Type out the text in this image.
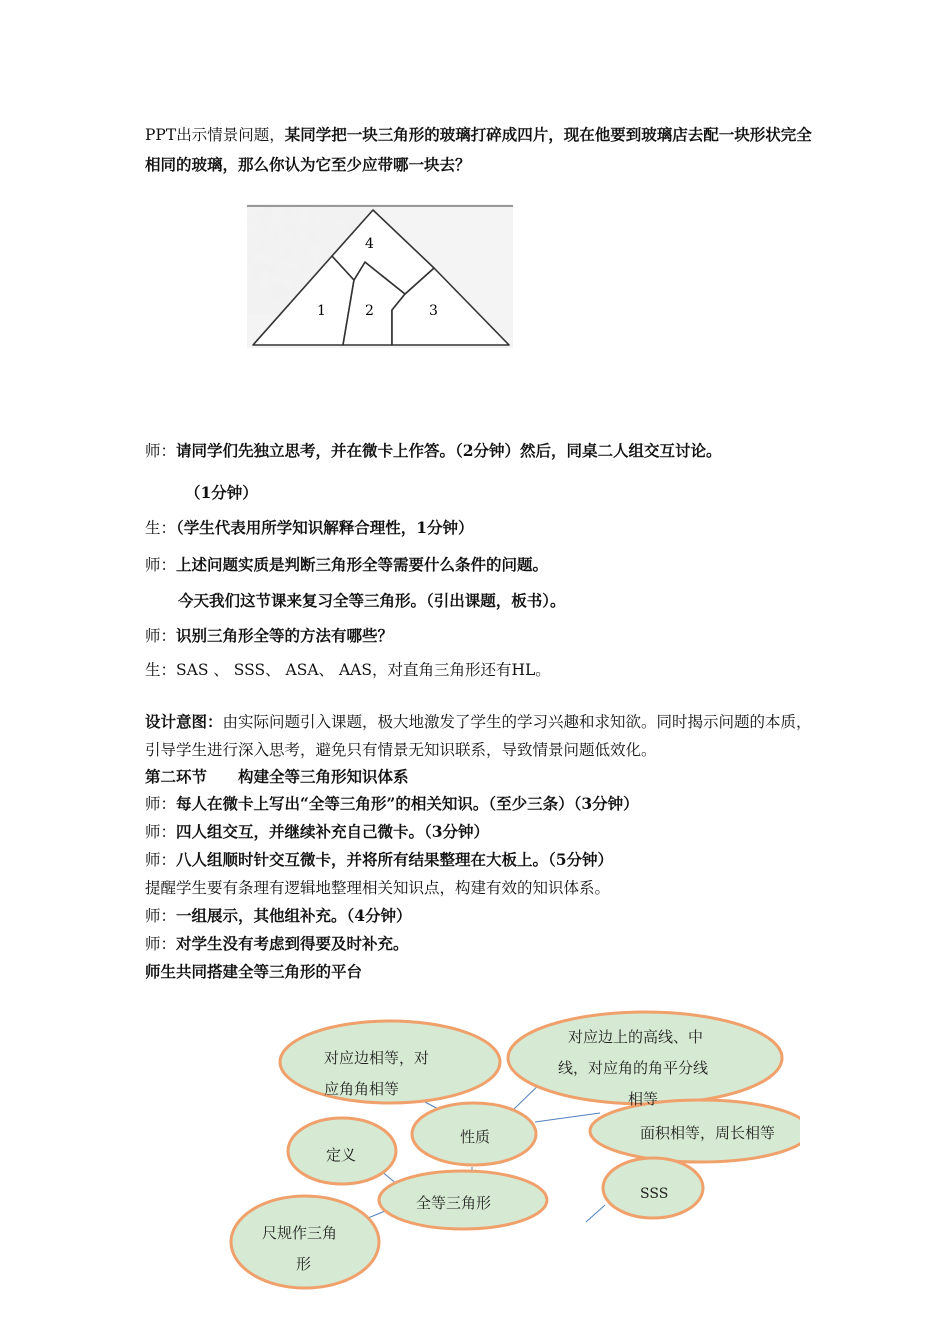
PPT出示情景问题，某同学把一块三角形的玻璃打碎成四片，现在他要到玻璃店去配一块形状完全相同的玻璃，那么你认为它至少应带哪一块去？
4
1	2	3
师：请同学们先独立思考，并在微卡上作答。（2分钟）然后，同桌二人组交互讨论。
（1分钟）
生：（学生代表用所学知识解释合理性，1分钟）
师：上述问题实质是判断三角形全等需要什么条件的问题。
今天我们这节课来复习全等三角形。（引出课题，板书）。
师：识别三角形全等的方法有哪些？
生：SAS 、 SSS、 ASA、 AAS，对直角三角形还有HL。
设计意图：由实际问题引入课题，极大地激发了学生的学习兴趣和求知欲。同时揭示问题的本质，引导学生进行深入思考，避免只有情景无知识联系，导致情景问题低效化。
第二环节　　构建全等三角形知识体系
师：每人在微卡上写出“全等三角形”的相关知识。（至少三条）（3分钟）
师：四人组交互，并继续补充自己微卡。（3分钟）
师：八人组顺时针交互微卡，并将所有结果整理在大板上。（5分钟）
提醒学生要有条理有逻辑地整理相关知识点，构建有效的知识体系。
师：一组展示，其他组补充。（4分钟）
师：对学生没有考虑到得要及时补充。
师生共同搭建全等三角形的平台
对应边相等，对
应角角相等
对应边上的高线、中
线，对应角的角平分线
相等
性质	面积相等，周长相等
定义
全等三角形	SSS
尺规作三角
形
